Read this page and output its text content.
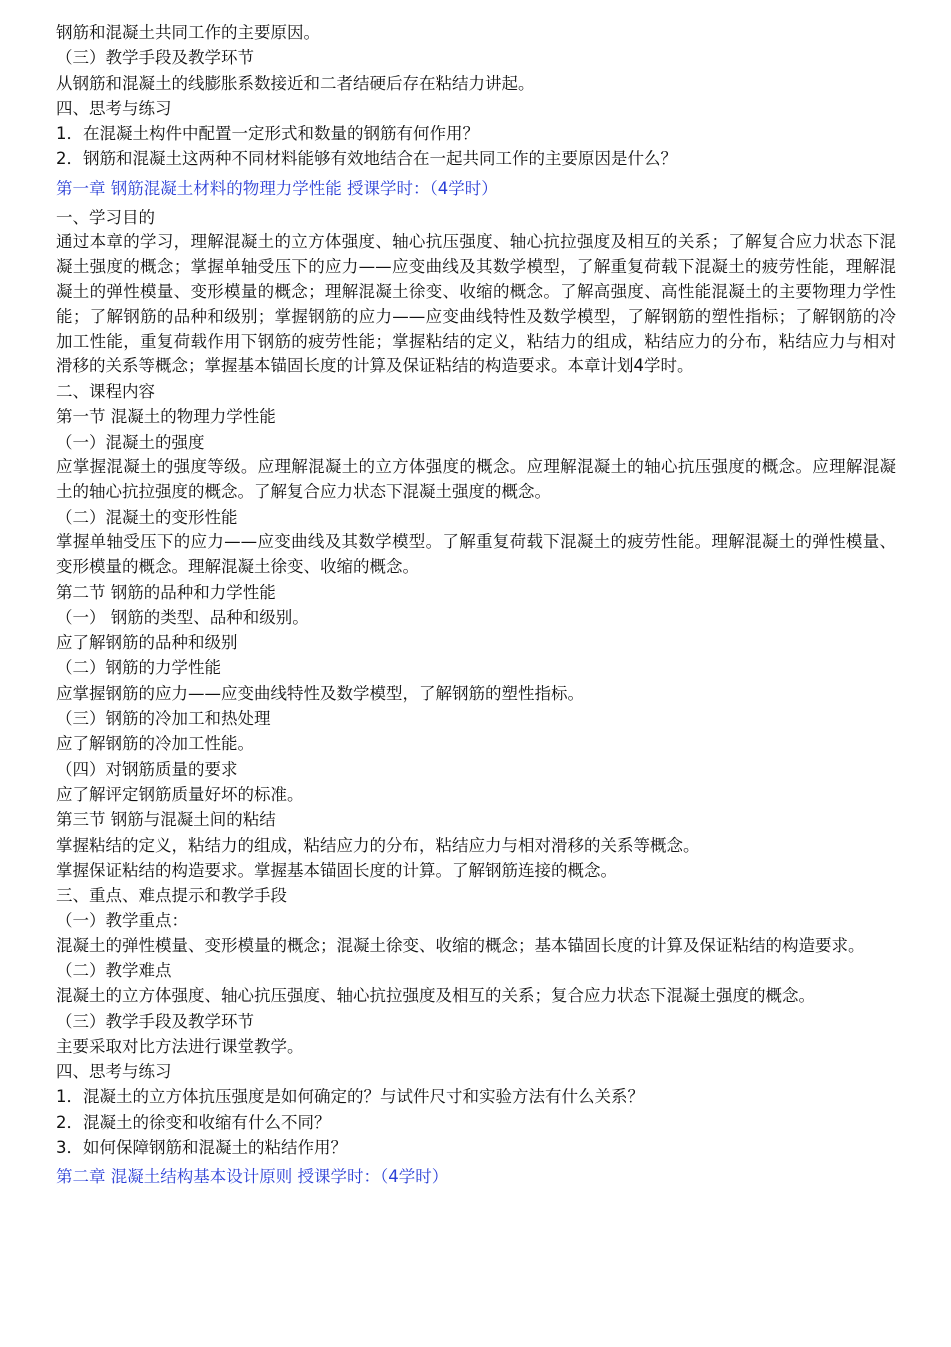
钢筋和混凝土共同工作的主要原因。

（三）教学手段及教学环节

从钢筋和混凝土的线膨胀系数接近和二者结硬后存在粘结力讲起。

四、思考与练习

1．在混凝土构件中配置一定形式和数量的钢筋有何作用？

2．钢筋和混凝土这两种不同材料能够有效地结合在一起共同工作的主要原因是什么？

第一章 钢筋混凝土材料的物理力学性能 授课学时：（4学时）

一、学习目的

通过本章的学习，理解混凝土的立方体强度、轴心抗压强度、轴心抗拉强度及相互的关系；了解复合应力状态下混凝土强度的概念；掌握单轴受压下的应力——应变曲线及其数学模型，了解重复荷载下混凝土的疲劳性能，理解混凝土的弹性模量、变形模量的概念；理解混凝土徐变、收缩的概念。了解高强度、高性能混凝土的主要物理力学性能；了解钢筋的品种和级别；掌握钢筋的应力——应变曲线特性及数学模型，了解钢筋的塑性指标；了解钢筋的冷加工性能，重复荷载作用下钢筋的疲劳性能；掌握粘结的定义，粘结力的组成，粘结应力的分布，粘结应力与相对滑移的关系等概念；掌握基本锚固长度的计算及保证粘结的构造要求。本章计划4学时。

二、课程内容

第一节 混凝土的物理力学性能

（一）混凝土的强度

应掌握混凝土的强度等级。应理解混凝土的立方体强度的概念。应理解混凝土的轴心抗压强度的概念。应理解混凝土的轴心抗拉强度的概念。了解复合应力状态下混凝土强度的概念。

（二）混凝土的变形性能

掌握单轴受压下的应力——应变曲线及其数学模型。了解重复荷载下混凝土的疲劳性能。理解混凝土的弹性模量、变形模量的概念。理解混凝土徐变、收缩的概念。

第二节 钢筋的品种和力学性能

（一） 钢筋的类型、品种和级别。

应了解钢筋的品种和级别

（二）钢筋的力学性能

应掌握钢筋的应力——应变曲线特性及数学模型，了解钢筋的塑性指标。

（三）钢筋的冷加工和热处理

应了解钢筋的冷加工性能。

（四）对钢筋质量的要求

应了解评定钢筋质量好坏的标准。

第三节 钢筋与混凝土间的粘结

掌握粘结的定义，粘结力的组成，粘结应力的分布，粘结应力与相对滑移的关系等概念。

掌握保证粘结的构造要求。掌握基本锚固长度的计算。了解钢筋连接的概念。

三、重点、难点提示和教学手段

（一）教学重点：

混凝土的弹性模量、变形模量的概念；混凝土徐变、收缩的概念；基本锚固长度的计算及保证粘结的构造要求。

（二）教学难点

混凝土的立方体强度、轴心抗压强度、轴心抗拉强度及相互的关系；复合应力状态下混凝土强度的概念。

（三）教学手段及教学环节

主要采取对比方法进行课堂教学。

四、思考与练习

1．混凝土的立方体抗压强度是如何确定的？与试件尺寸和实验方法有什么关系？

2．混凝土的徐变和收缩有什么不同？

3．如何保障钢筋和混凝土的粘结作用？

第二章 混凝土结构基本设计原则 授课学时：（4学时）
